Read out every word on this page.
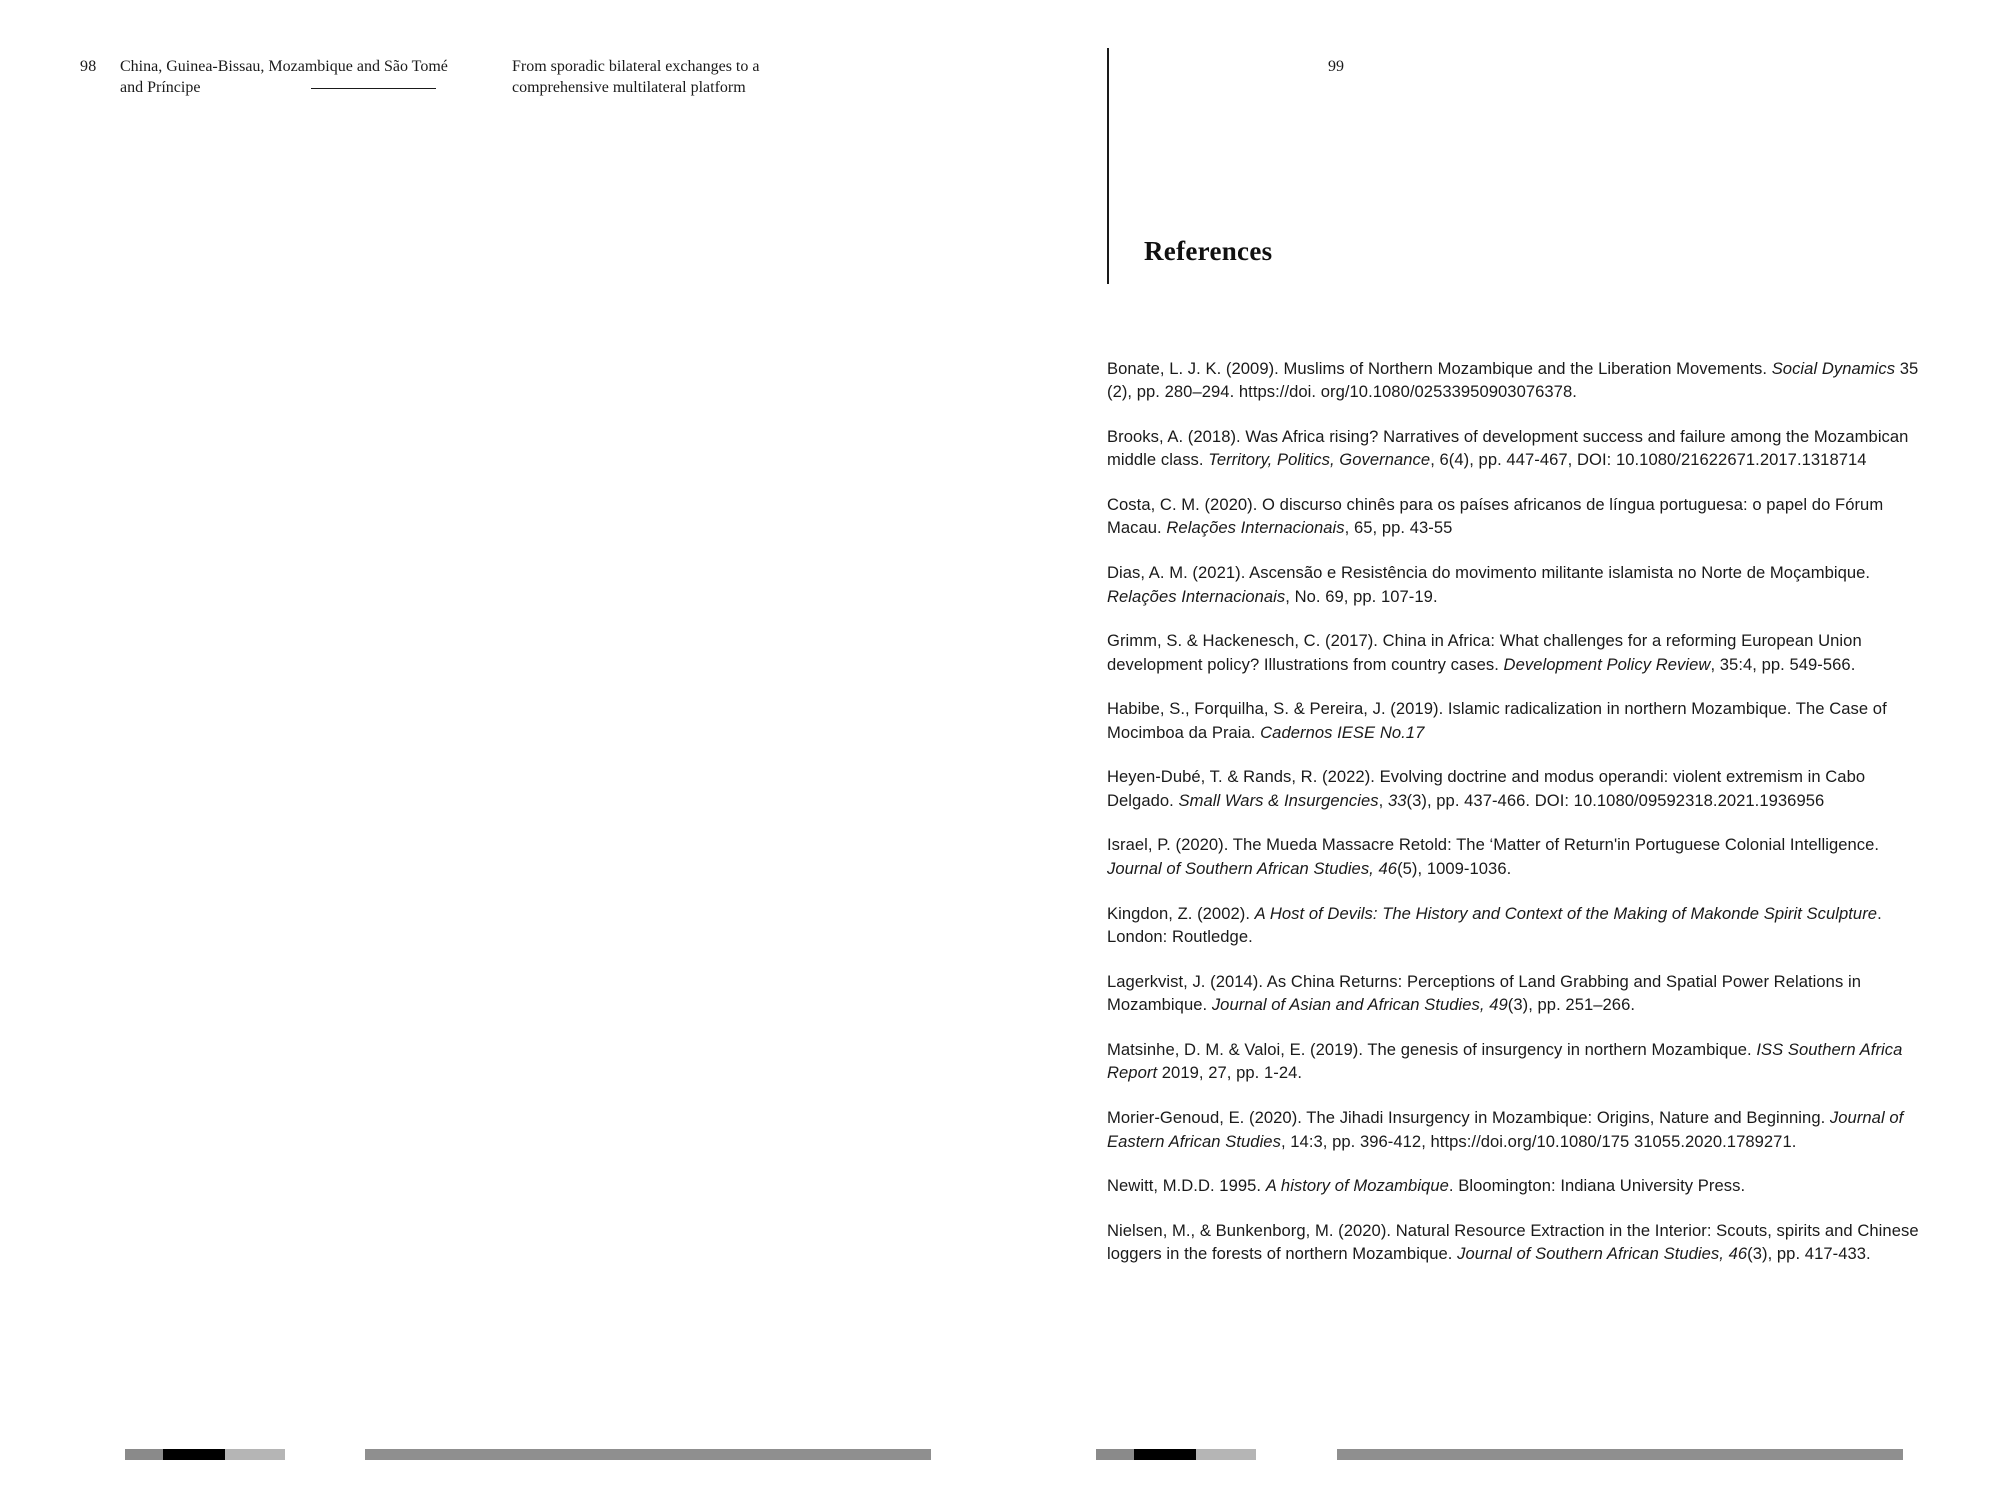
98 China, Guinea-Bissau, Mozambique and São Tomé and Príncipe
From sporadic bilateral exchanges to a comprehensive multilateral platform
99
References

Bonate, L. J. K. (2009). Muslims of Northern Mozambique and the Liberation Movements. Social Dynamics 35 (2), pp. 280–294. https://doi. org/10.1080/02533950903076378.

Brooks, A. (2018). Was Africa rising? Narratives of development success and failure among the Mozambican middle class. Territory, Politics, Governance, 6(4), pp. 447-467, DOI: 10.1080/21622671.2017.1318714

Costa, C. M. (2020). O discurso chinês para os países africanos de língua portuguesa: o papel do Fórum Macau. Relações Internacionais, 65, pp. 43-55

Dias, A. M. (2021). Ascensão e Resistência do movimento militante islamista no Norte de Moçambique. Relações Internacionais, No. 69, pp. 107-19.

Grimm, S. & Hackenesch, C. (2017). China in Africa: What challenges for a reforming European Union development policy? Illustrations from country cases. Development Policy Review, 35:4, pp. 549-566.

Habibe, S., Forquilha, S. & Pereira, J. (2019). Islamic radicalization in northern Mozambique. The Case of Mocimboa da Praia. Cadernos IESE No.17

Heyen-Dubé, T. & Rands, R. (2022). Evolving doctrine and modus operandi: violent extremism in Cabo Delgado. Small Wars & Insurgencies, 33(3), pp. 437-466. DOI: 10.1080/09592318.2021.1936956

Israel, P. (2020). The Mueda Massacre Retold: The ‘Matter of Return'in Portuguese Colonial Intelligence. Journal of Southern African Studies, 46(5), 1009-1036.

Kingdon, Z. (2002). A Host of Devils: The History and Context of the Making of Makonde Spirit Sculpture. London: Routledge.

Lagerkvist, J. (2014). As China Returns: Perceptions of Land Grabbing and Spatial Power Relations in Mozambique. Journal of Asian and African Studies, 49(3), pp. 251–266.

Matsinhe, D. M. & Valoi, E. (2019). The genesis of insurgency in northern Mozambique. ISS Southern Africa Report 2019, 27, pp. 1-24.

Morier-Genoud, E. (2020). The Jihadi Insurgency in Mozambique: Origins, Nature and Beginning. Journal of Eastern African Studies, 14:3, pp. 396-412, https://doi.org/10.1080/175 31055.2020.1789271.

Newitt, M.D.D. 1995. A history of Mozambique. Bloomington: Indiana University Press.

Nielsen, M., & Bunkenborg, M. (2020). Natural Resource Extraction in the Interior: Scouts, spirits and Chinese loggers in the forests of northern Mozambique. Journal of Southern African Studies, 46(3), pp. 417-433.
